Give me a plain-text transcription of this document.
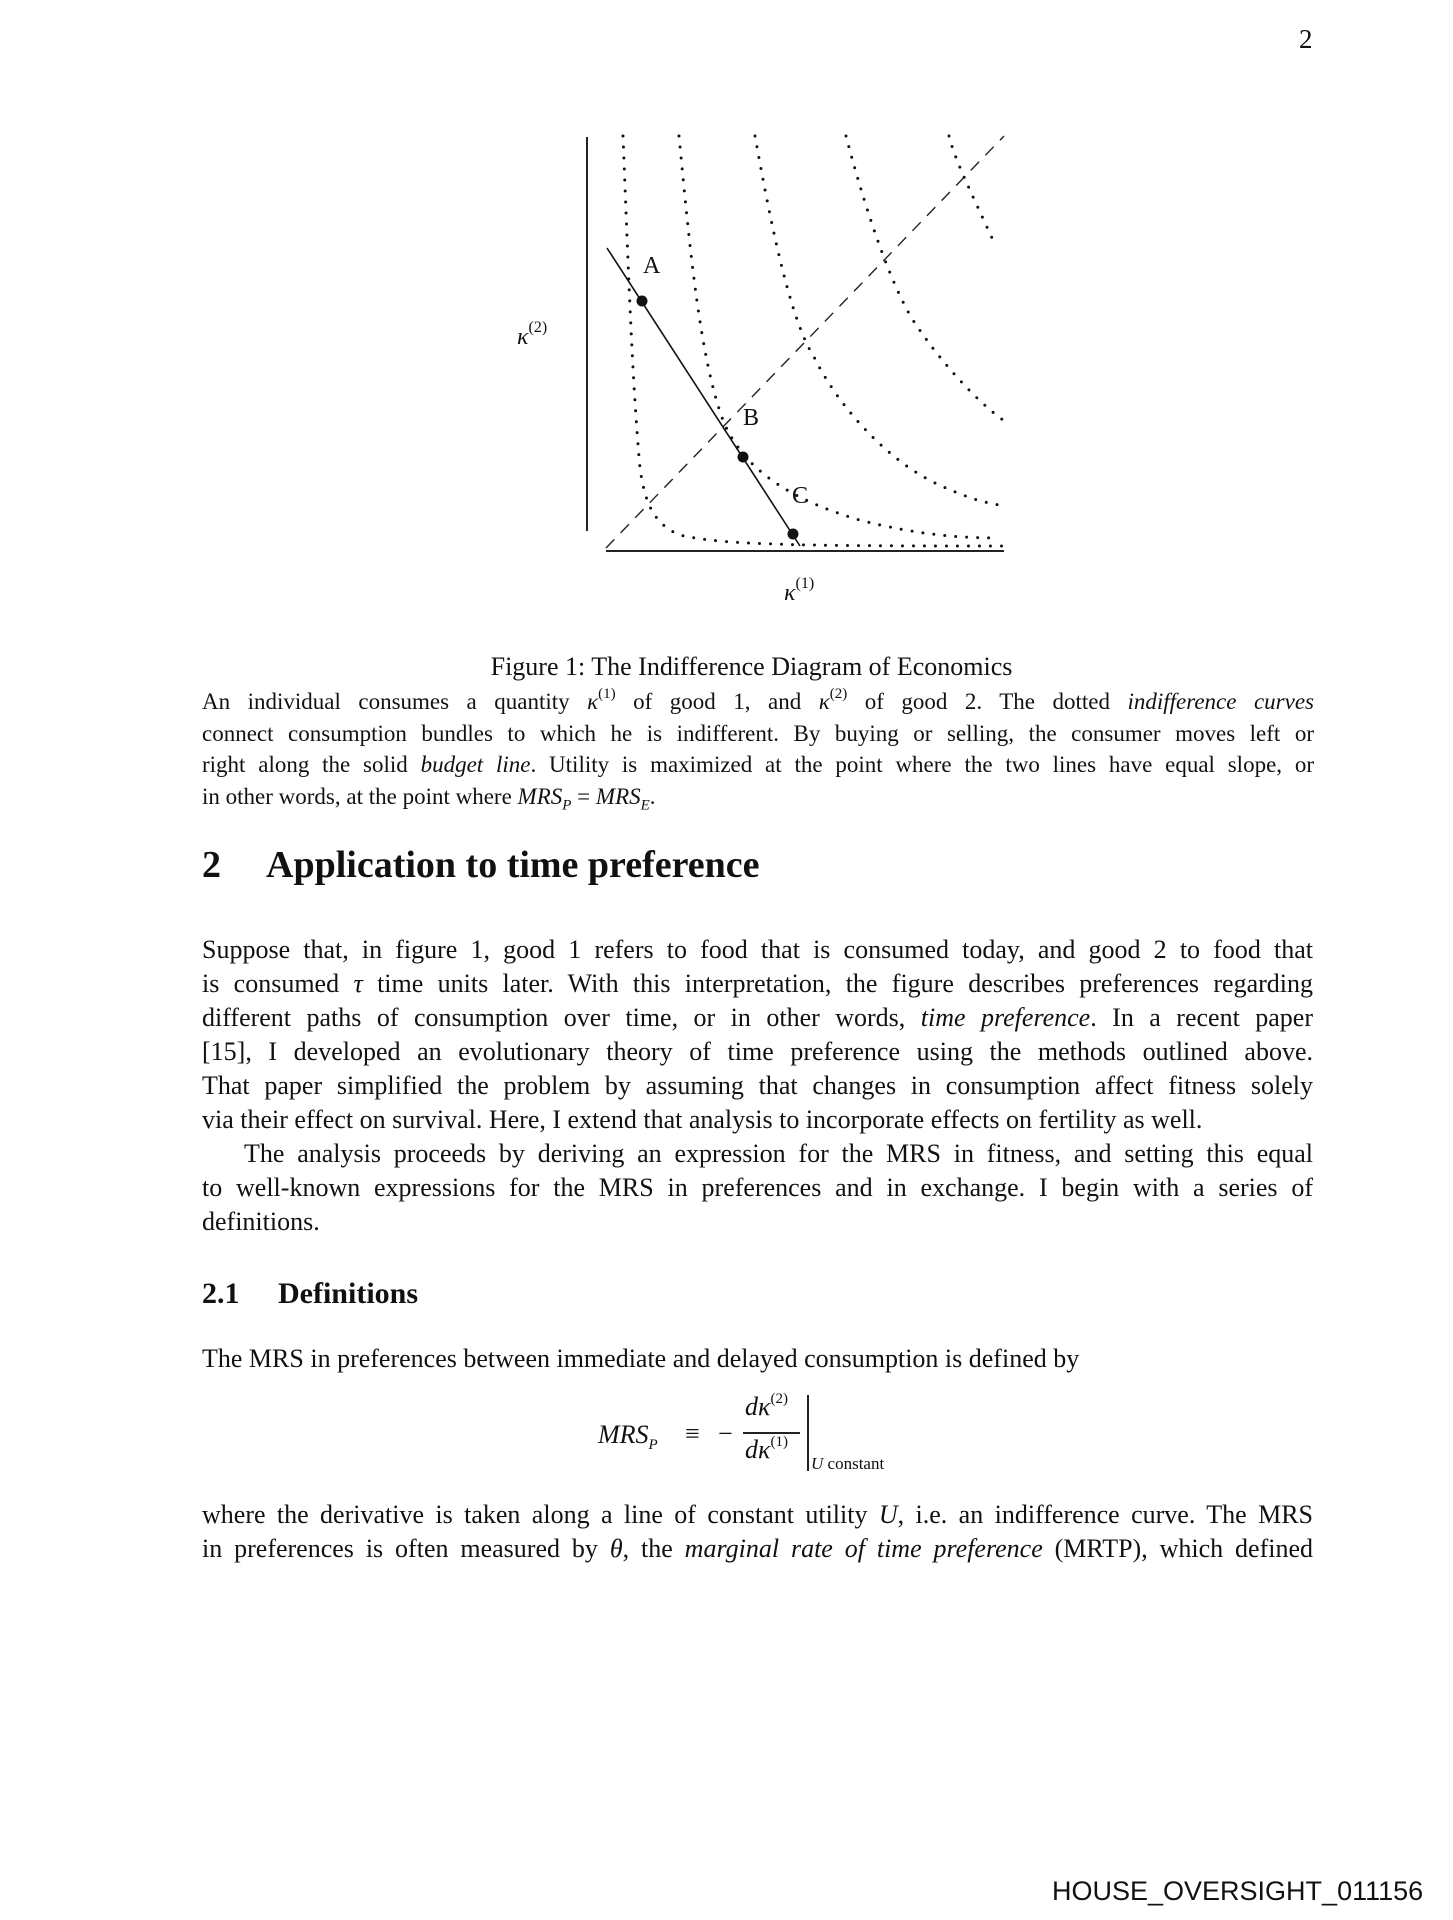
2
A
B
C
$\kappa^{(2)}$
$\kappa^{(1)}$
Figure 1: The Indifference Diagram of Economics
An individual consumes a quantity $\kappa^{(1)}$ of good 1, and $\kappa^{(2)}$ of good 2. The dotted indifference curves
connect consumption bundles to which he is indifferent. By buying or selling, the consumer moves left or
right along the solid budget line. Utility is maximized at the point where the two lines have equal slope, or
in other words, at the point where $MRS_P = MRS_E$.
2 Application to time preference
Suppose that, in figure 1, good 1 refers to food that is consumed today, and good 2 to food that
is consumed τ time units later. With this interpretation, the figure describes preferences regarding
different paths of consumption over time, or in other words, time preference. In a recent paper
[15], I developed an evolutionary theory of time preference using the methods outlined above.
That paper simplified the problem by assuming that changes in consumption affect fitness solely
via their effect on survival. Here, I extend that analysis to incorporate effects on fertility as well.
The analysis proceeds by deriving an expression for the MRS in fitness, and setting this equal
to well-known expressions for the MRS in preferences and in exchange. I begin with a series of
definitions.
2.1 Definitions
The MRS in preferences between immediate and delayed consumption is defined by
$MRS_P$ ≡ −
$d\kappa^{(2)}$
$d\kappa^{(1)}$
U constant
where the derivative is taken along a line of constant utility U, i.e. an indifference curve. The MRS
in preferences is often measured by θ, the marginal rate of time preference (MRTP), which defined
HOUSE_OVERSIGHT_011156
